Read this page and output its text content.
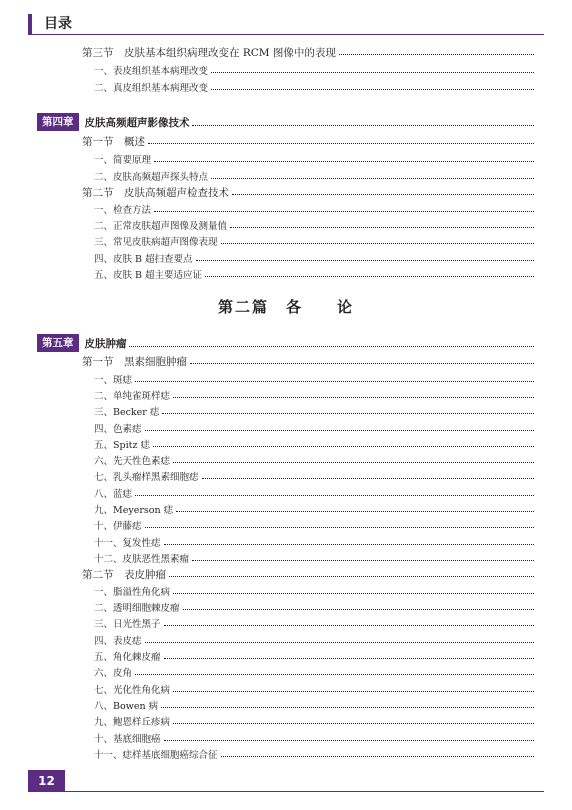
目录
第三节　皮肤基本组织病理改变在 RCM 图像中的表现
一、表皮组织基本病理改变
二、真皮组织基本病理改变
第四章	皮肤高频超声影像技术
第一节　概述
一、简要原理
二、皮肤高频超声探头特点
第二节　皮肤高频超声检查技术
一、检查方法
二、正常皮肤超声图像及测量值
三、常见皮肤病超声图像表现
四、皮肤 B 超扫查要点
五、皮肤 B 超主要适应证
第五章	皮肤肿瘤
第一节　黑素细胞肿瘤
一、斑痣
二、单纯雀斑样痣
三、Becker 痣
四、色素痣
五、Spitz 痣
六、先天性色素痣
七、乳头瘤样黑素细胞痣
八、蓝痣
九、Meyerson 痣
十、伊藤痣
十一、复发性痣
十二、皮肤恶性黑素瘤
第二节　表皮肿瘤
一、脂溢性角化病
二、透明细胞棘皮瘤
三、日光性黑子
四、表皮痣
五、角化棘皮瘤
六、皮角
七、光化性角化病
八、Bowen 病
九、鲍恩样丘疹病
十、基底细胞癌
十一、痣样基底细胞癌综合征
第二篇　各　　论
12
